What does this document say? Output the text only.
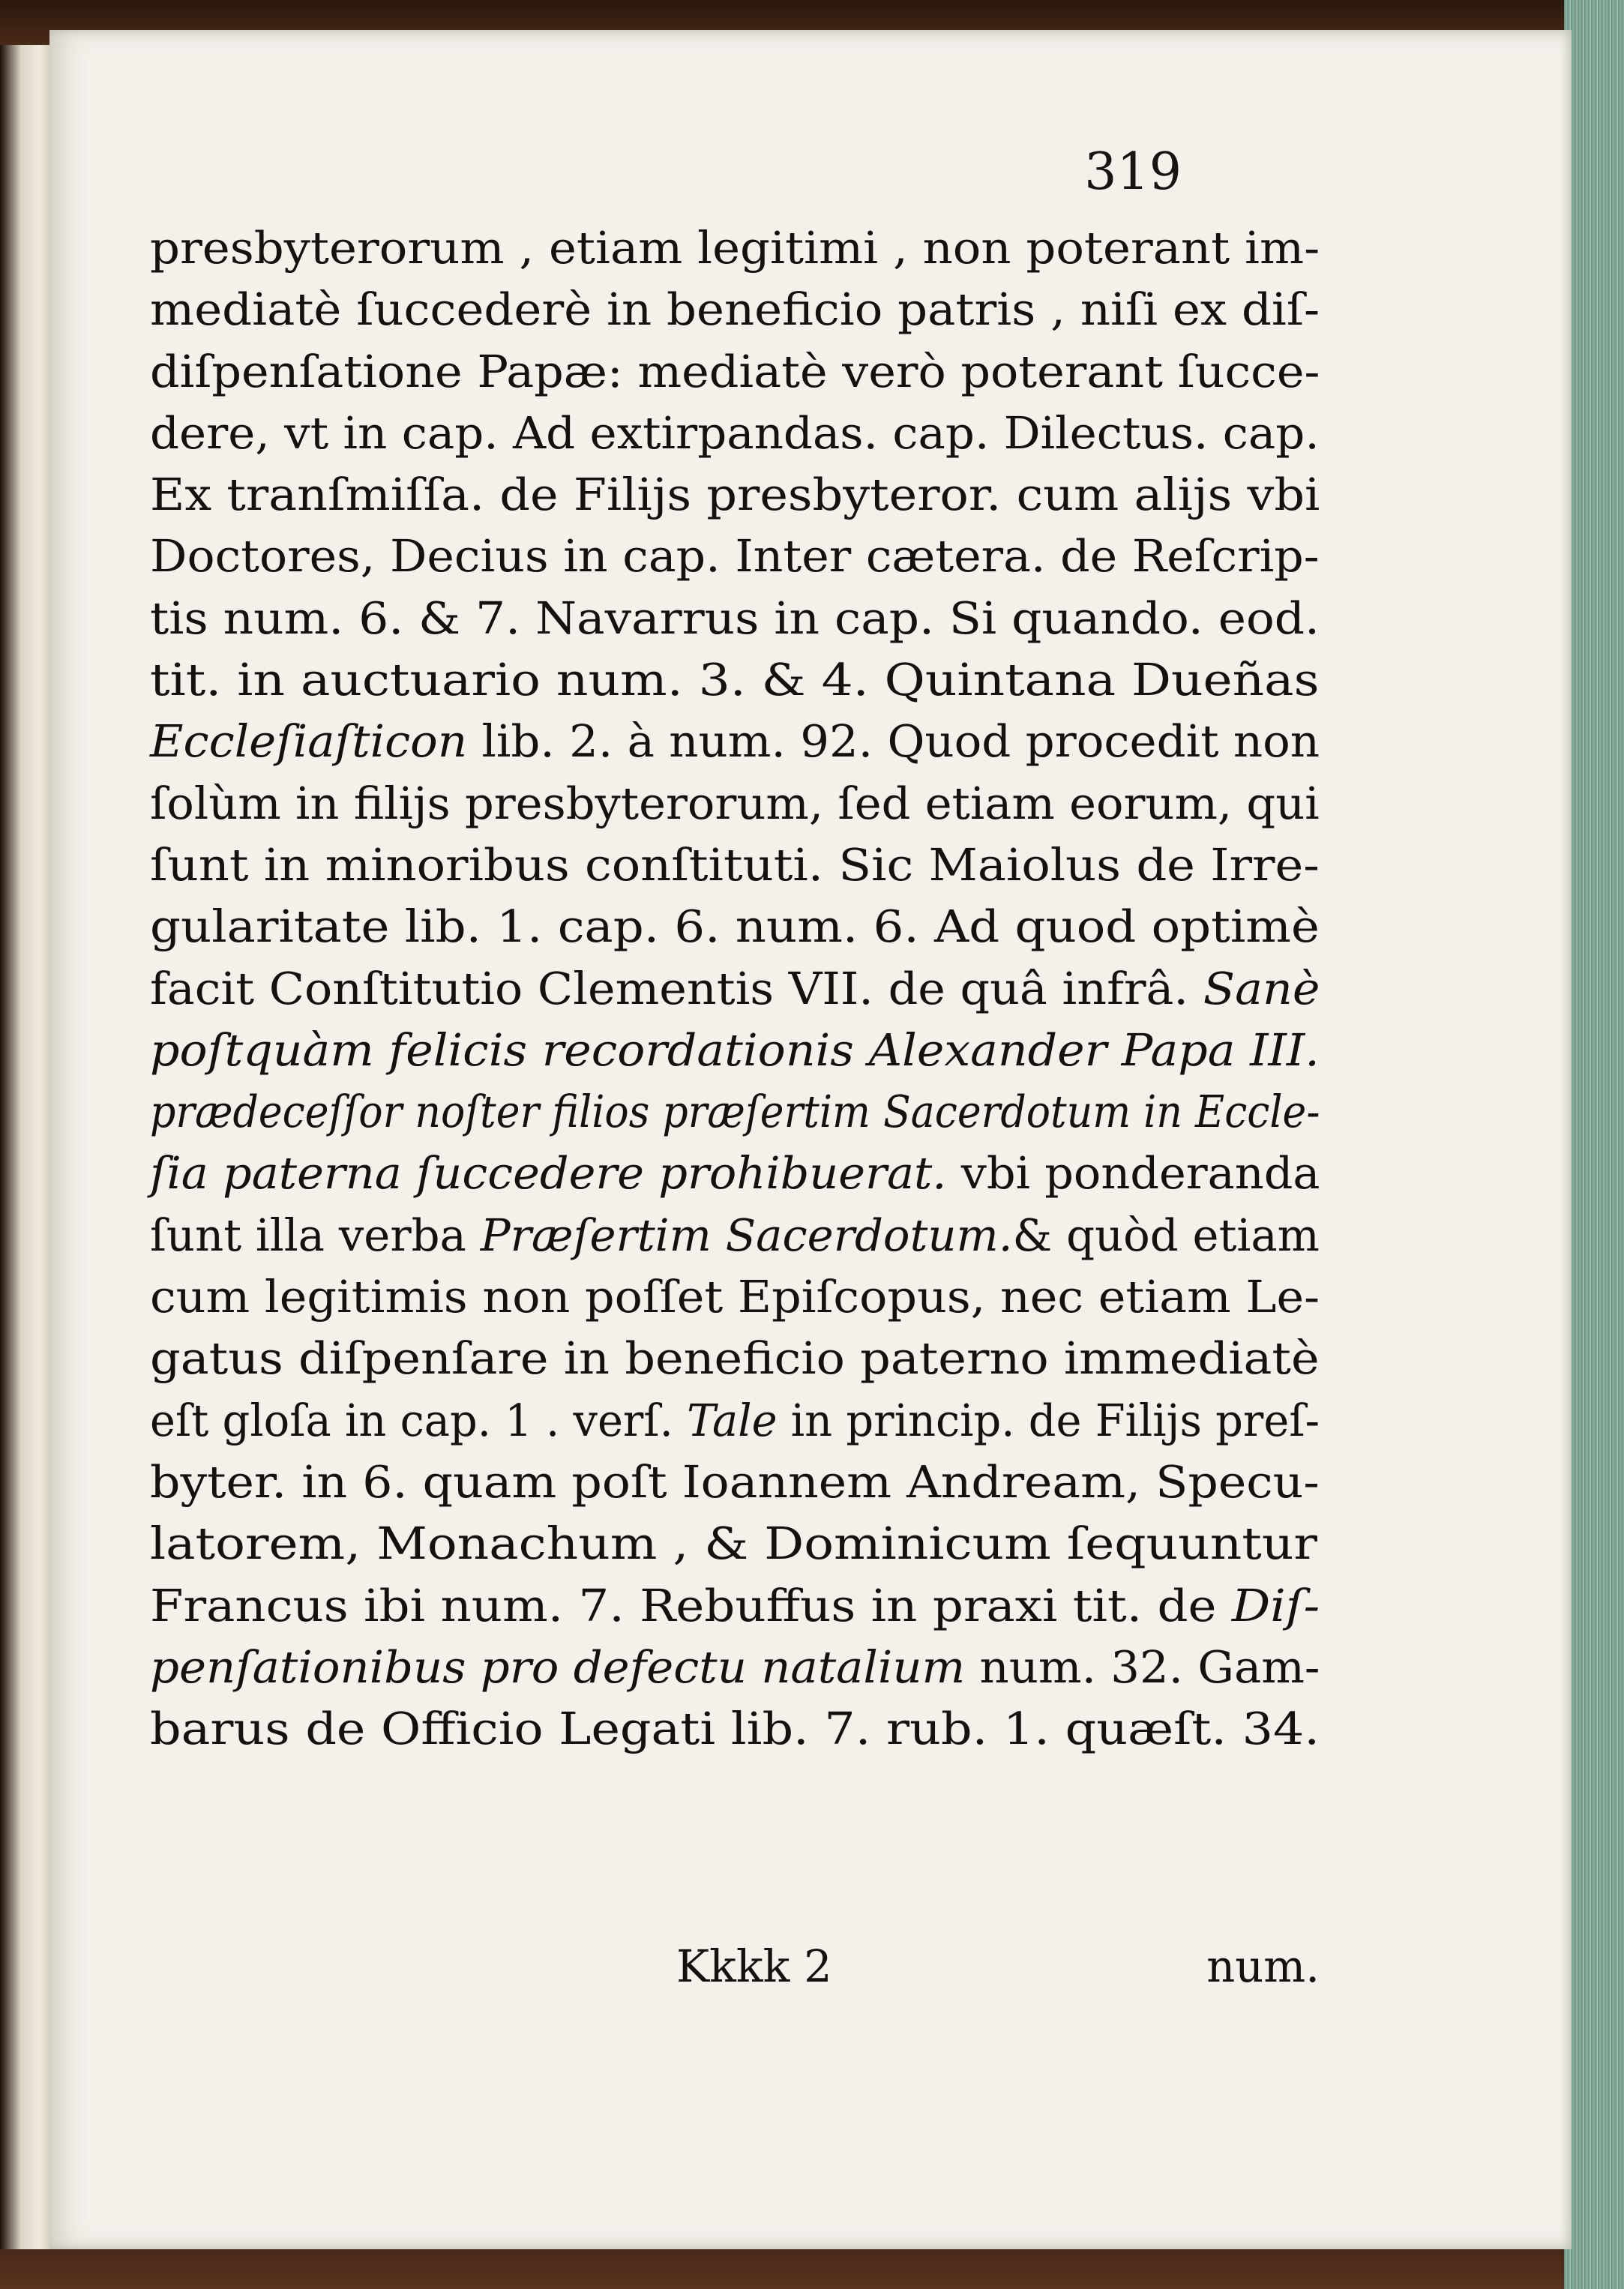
319
presbyterorum , etiam legitimi , non poterant im-
mediatè ſuccederè in beneficio patris , niſi ex diſ-
diſpenſatione Papæ: mediatè verò poterant ſucce-
dere, vt in cap. Ad extirpandas. cap. Dilectus. cap.
Ex tranſmiſſa. de Filijs presbyteror. cum alijs vbi
Doctores, Decius in cap. Inter cætera. de Reſcrip-
tis num. 6. & 7. Navarrus in cap. Si quando. eod.
tit. in auctuario num. 3. & 4. Quintana Dueñas
Eccleſiaſticon lib. 2. à num. 92. Quod procedit non
ſolùm in filijs presbyterorum, ſed etiam eorum, qui
ſunt in minoribus conſtituti. Sic Maiolus de Irre-
gularitate lib. 1. cap. 6. num. 6. Ad quod optimè
facit Conſtitutio Clementis VII. de quâ infrâ. Sanè
poſtquàm felicis recordationis Alexander Papa III.
prædeceſſor noſter filios præſertim Sacerdotum in Eccle-
ſia paterna ſuccedere prohibuerat. vbi ponderanda
ſunt illa verba Præſertim Sacerdotum.& quòd etiam
cum legitimis non poſſet Epiſcopus, nec etiam Le-
gatus diſpenſare in beneficio paterno immediatè
eſt gloſa in cap. 1 . verſ. Tale in princip. de Filijs preſ-
byter. in 6. quam poſt Ioannem Andream, Specu-
latorem, Monachum , & Dominicum ſequuntur
Francus ibi num. 7. Rebuffus in praxi tit. de Diſ-
penſationibus pro defectu natalium num. 32. Gam-
barus de Officio Legati lib. 7. rub. 1. quæſt. 34.
Kkkk 2	num.
